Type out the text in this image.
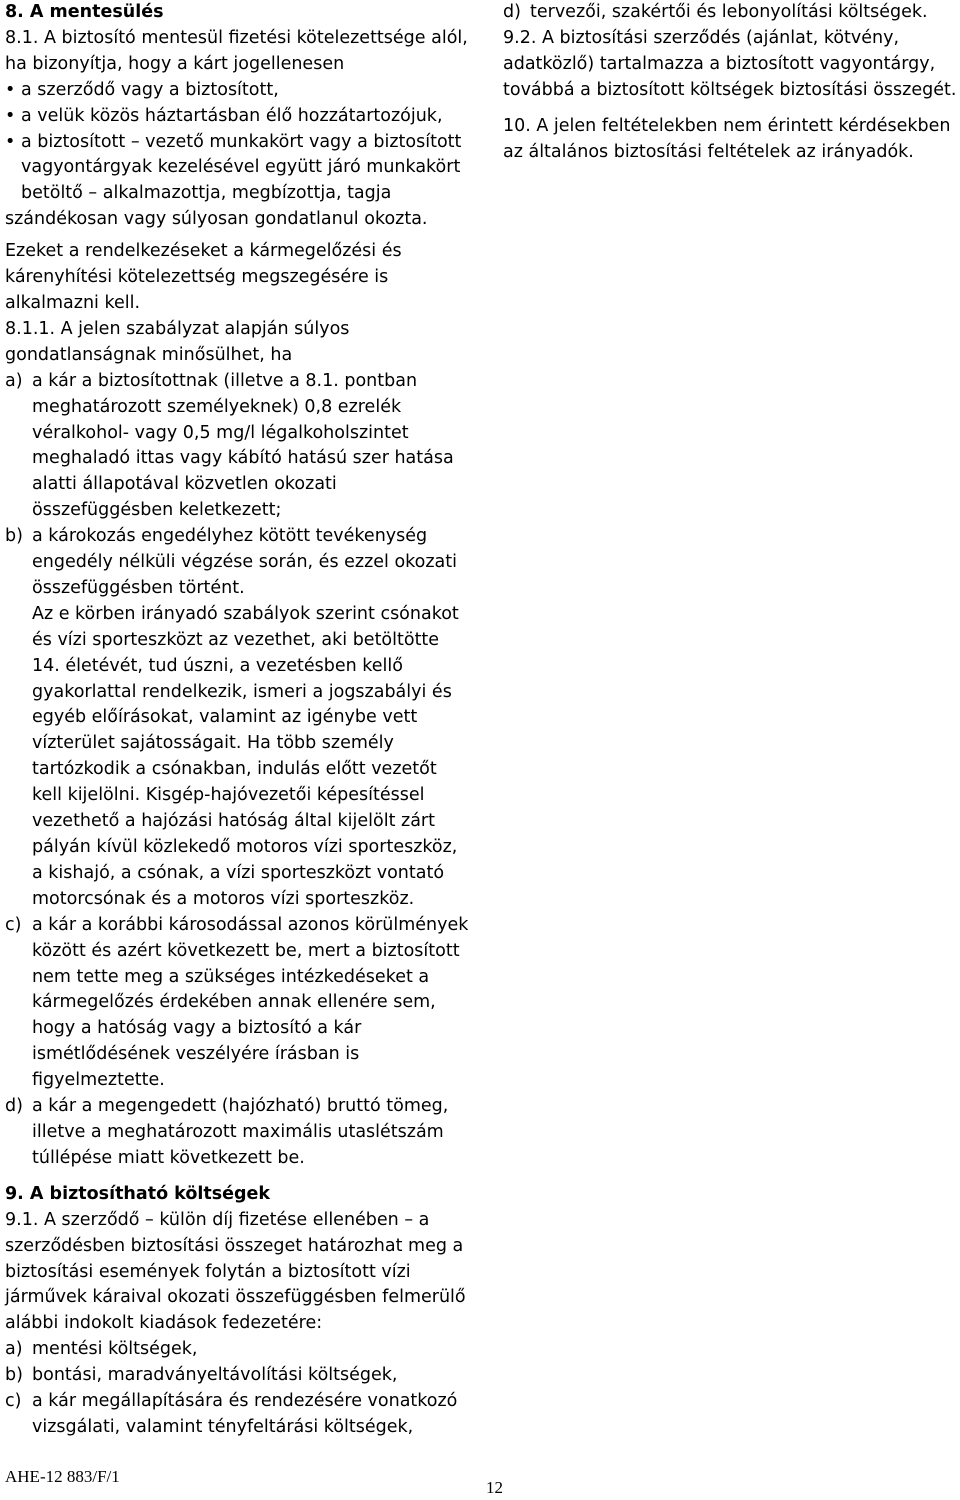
8. A mentesülés

8.1. A biztosító mentesül fizetési kötelezettsége alól, ha bizonyítja, hogy a kárt jogellenesen

• a szerződő vagy a biztosított,

• a velük közös háztartásban élő hozzátartozójuk,

• a biztosított – vezető munkakört vagy a biztosított vagyontárgyak kezelésével együtt járó munkakört betöltő – alkalmazottja, megbízottja, tagja

szándékosan vagy súlyosan gondatlanul okozta.

Ezeket a rendelkezéseket a kármegelőzési és kárenyhítési kötelezettség megszegésére is alkalmazni kell.

8.1.1. A jelen szabályzat alapján súlyos gondatlanságnak minősülhet, ha

a) a kár a biztosítottnak (illetve a 8.1. pontban meghatározott személyeknek) 0,8 ezrelék véralkohol- vagy 0,5 mg/l légalkoholszintet meghaladó ittas vagy kábító hatású szer hatása alatti állapotával közvetlen okozati összefüggésben keletkezett;

b) a károkozás engedélyhez kötött tevékenység engedély nélküli végzése során, és ezzel okozati összefüggésben történt.

Az e körben irányadó szabályok szerint csónakot és vízi sporteszközt az vezethet, aki betöltötte 14. életévét, tud úszni, a vezetésben kellő gyakorlattal rendelkezik, ismeri a jogszabályi és egyéb előírásokat, valamint az igénybe vett vízterület sajátosságait. Ha több személy tartózkodik a csónakban, indulás előtt vezetőt kell kijelölni. Kisgép-hajóvezetői képesítéssel vezethető a hajózási hatóság által kijelölt zárt pályán kívül közlekedő motoros vízi sporteszköz, a kishajó, a csónak, a vízi sporteszközt vontató motorcsónak és a motoros vízi sporteszköz.

c) a kár a korábbi károsodással azonos körülmények között és azért következett be, mert a biztosított nem tette meg a szükséges intézkedéseket a kármegelőzés érdekében annak ellenére sem, hogy a hatóság vagy a biztosító a kár ismétlődésének veszélyére írásban is figyelmeztette.

d) a kár a megengedett (hajózható) bruttó tömeg, illetve a meghatározott maximális utaslétszám túllépése miatt következett be.

9. A biztosítható költségek

9.1. A szerződő – külön díj fizetése ellenében – a szerződésben biztosítási összeget határozhat meg a biztosítási események folytán a biztosított vízi járművek káraival okozati összefüggésben felmerülő alábbi indokolt kiadások fedezetére:

a) mentési költségek,

b) bontási, maradványeltávolítási költségek,

c) a kár megállapítására és rendezésére vonatkozó vizsgálati, valamint tényfeltárási költségek,

d) tervezői, szakértői és lebonyolítási költségek.

9.2. A biztosítási szerződés (ajánlat, kötvény, adatközlő) tartalmazza a biztosított vagyontárgy, továbbá a biztosított költségek biztosítási összegét.

10. A jelen feltételekben nem érintett kérdésekben az általános biztosítási feltételek az irányadók.

AHE-12 883/F/1
12
